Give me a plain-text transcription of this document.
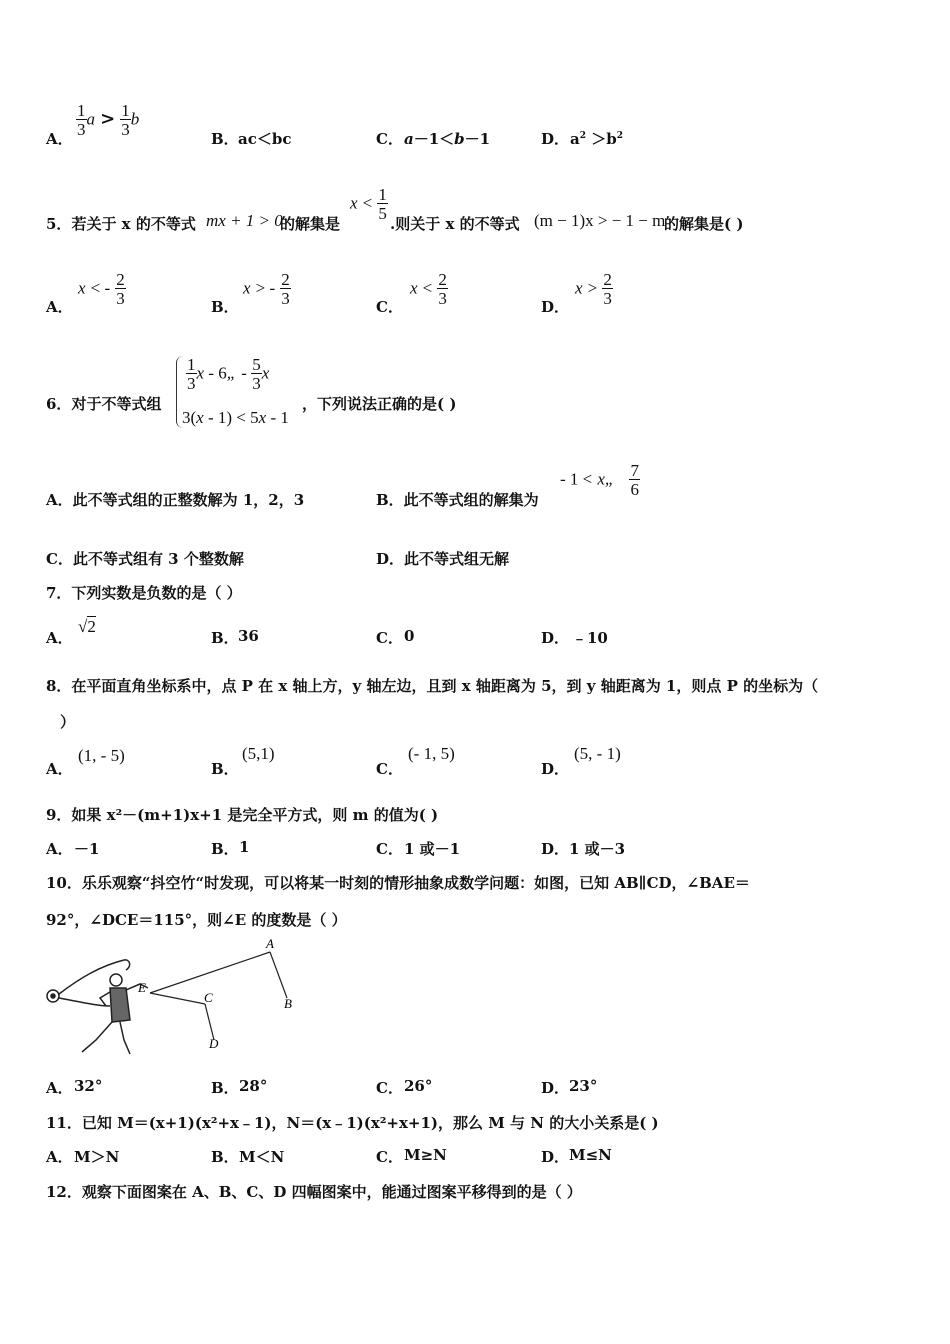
A．
$\frac{1}{3}$ $a > \frac{1}{3}$ b
B． ac＜bc	C． a－1＜b－1	D． $a^2 >b^2$
5．若关于 x 的不等式 mx + 1 > 0
的解集是
$x < \frac{1}{5}$
.则关于 x 的不等式 (m − 1)x > − 1 − m
的解集是( )
A．
x < - $\frac{2}{3}$	B．
x > - $\frac{2}{3}$	C．
$x < \frac{2}{3}$	D．
$x > \frac{2}{3}$
6．对于不等式组
$\frac{1}{3}$ x - 6„ - $\frac{5}{3}$ x
3(x - 1) < 5x - 1
，下列说法正确的是( )
A．此不等式组的正整数解为 1，2，3	B．此不等式组的解集为
- 1 < x„ $\frac{7}{6}$
C．此不等式组有 3 个整数解	D．此不等式组无解
7．下列实数是负数的是（ ）
A．
√2
B． 36	C． 0	D． ﹣10
8．在平面直角坐标系中，点 P 在 x 轴上方，y 轴左边，且到 x 轴距离为 5，到 y 轴距离为 1，则点 P 的坐标为（
）
A．
(1, - 5)
B．
(5,1)
C．
(- 1, 5)
D．
(5, - 1)
9．如果 x²－(m+1)x+1 是完全平方式，则 m 的值为( )
A． －1	B． 1	C． 1 或－1	D． 1 或－3
10．乐乐观察“抖空竹“时发现，可以将某一时刻的情形抽象成数学问题：如图，已知 AB∥CD，∠BAE＝
92°，∠DCE＝115°，则∠E 的度数是（ ）
A
B
C
D
E
A． 32°	B． 28°	C． 26°	D． 23°
11．已知 M＝(x+1)(x²+x﹣1)，N＝(x﹣1)(x²+x+1)，那么 M 与 N 的大小关系是( )
A． M＞N	B． M＜N	C． M≥N	D． M≤N
12．观察下面图案在 A、B、C、D 四幅图案中，能通过图案平移得到的是（ ）
